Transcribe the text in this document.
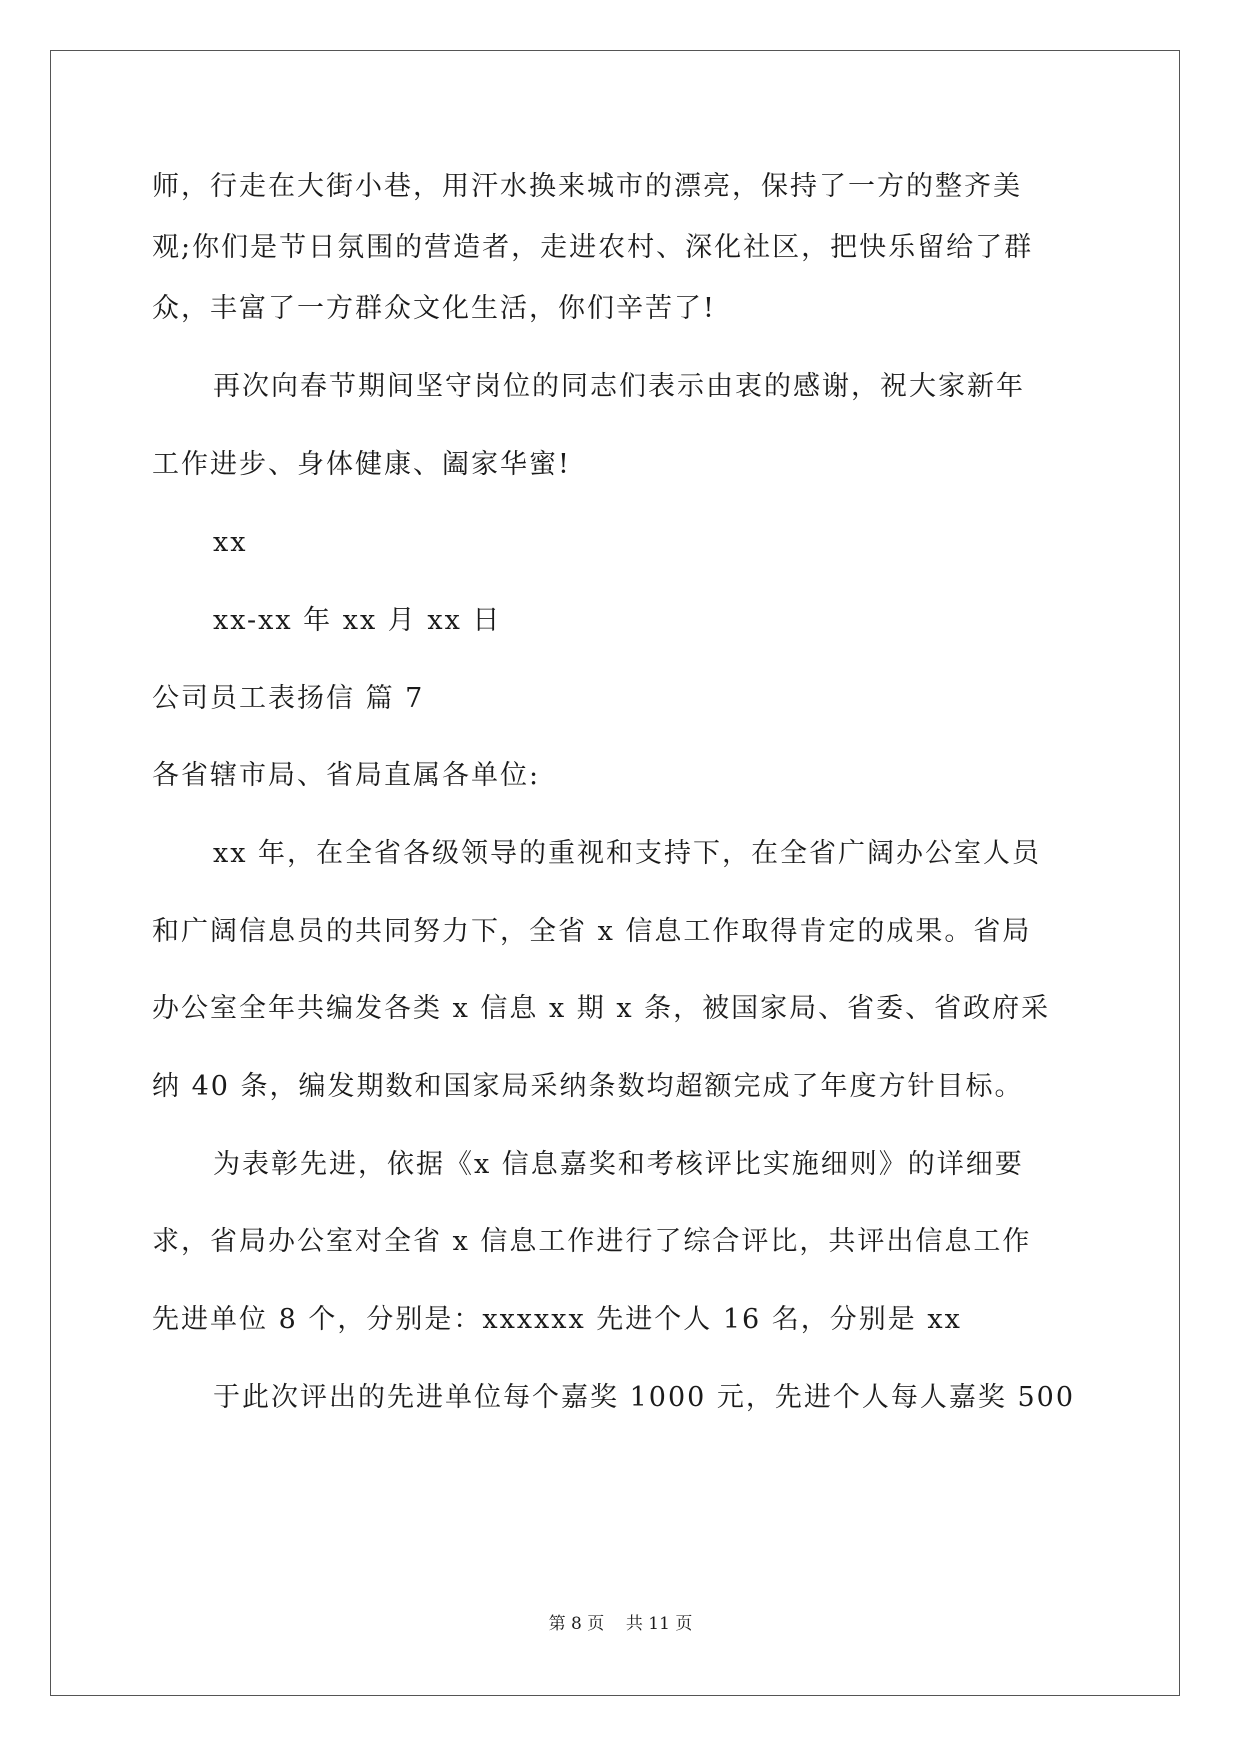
师，行走在大街小巷，用汗水换来城市的漂亮，保持了一方的整齐美
观;你们是节日氛围的营造者，走进农村、深化社区，把快乐留给了群
众，丰富了一方群众文化生活，你们辛苦了!
再次向春节期间坚守岗位的同志们表示由衷的感谢，祝大家新年
工作进步、身体健康、阖家华蜜!
xx
xx-xx 年 xx 月 xx 日
公司员工表扬信 篇 7
各省辖市局、省局直属各单位:
xx 年，在全省各级领导的重视和支持下，在全省广阔办公室人员
和广阔信息员的共同努力下，全省 x 信息工作取得肯定的成果。省局
办公室全年共编发各类 x 信息 x 期 x 条，被国家局、省委、省政府采
纳 40 条，编发期数和国家局采纳条数均超额完成了年度方针目标。
为表彰先进，依据《x 信息嘉奖和考核评比实施细则》的详细要
求，省局办公室对全省 x 信息工作进行了综合评比，共评出信息工作
先进单位 8 个，分别是：xxxxxx 先进个人 16 名，分别是 xx
于此次评出的先进单位每个嘉奖 1000 元，先进个人每人嘉奖 500
第 8 页    共 11 页
